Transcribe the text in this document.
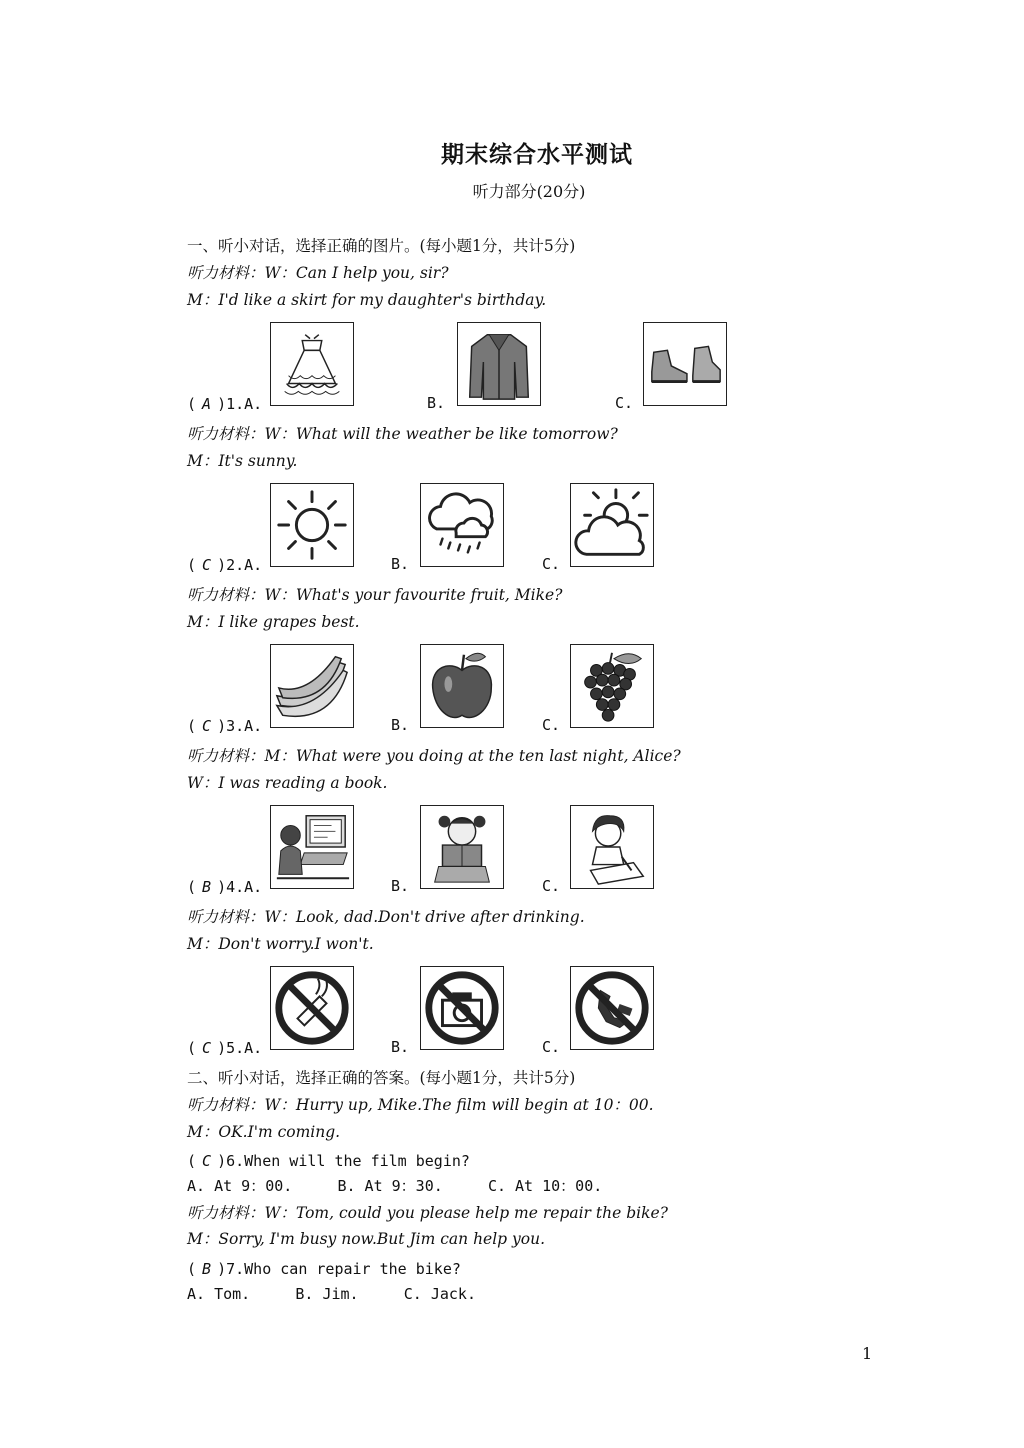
期末综合水平测试
听力部分(20分)
一、听小对话，选择正确的图片。(每小题1分，共计5分)
听力材料：W：Can I help you, sir?
M：I'd like a skirt for my daughter's birthday.
( A )1.A.	B.	C.
听力材料：W：What will the weather be like tomorrow?
M：It's sunny.
( C )2.A.	B.	C.
听力材料：W：What's your favourite fruit, Mike?
M：I like grapes best.
( C )3.A.	B.	C.
听力材料：M：What were you doing at the ten last night, Alice?
W：I was reading a book.
( B )4.A.	B.	C.
听力材料：W：Look, dad.Don't drive after drinking.
M：Don't worry.I won't.
( C )5.A.	B.	C.
二、听小对话，选择正确的答案。(每小题1分，共计5分)
听力材料：W：Hurry up, Mike.The film will begin at 10：00.
M：OK.I'm coming.
( C )6.When will the film begin?
A. At 9：00.	B. At 9：30.	C. At 10：00.
听力材料：W：Tom, could you please help me repair the bike?
M：Sorry, I'm busy now.But Jim can help you.
( B )7.Who can repair the bike?
A. Tom.	B. Jim.	C. Jack.
1
